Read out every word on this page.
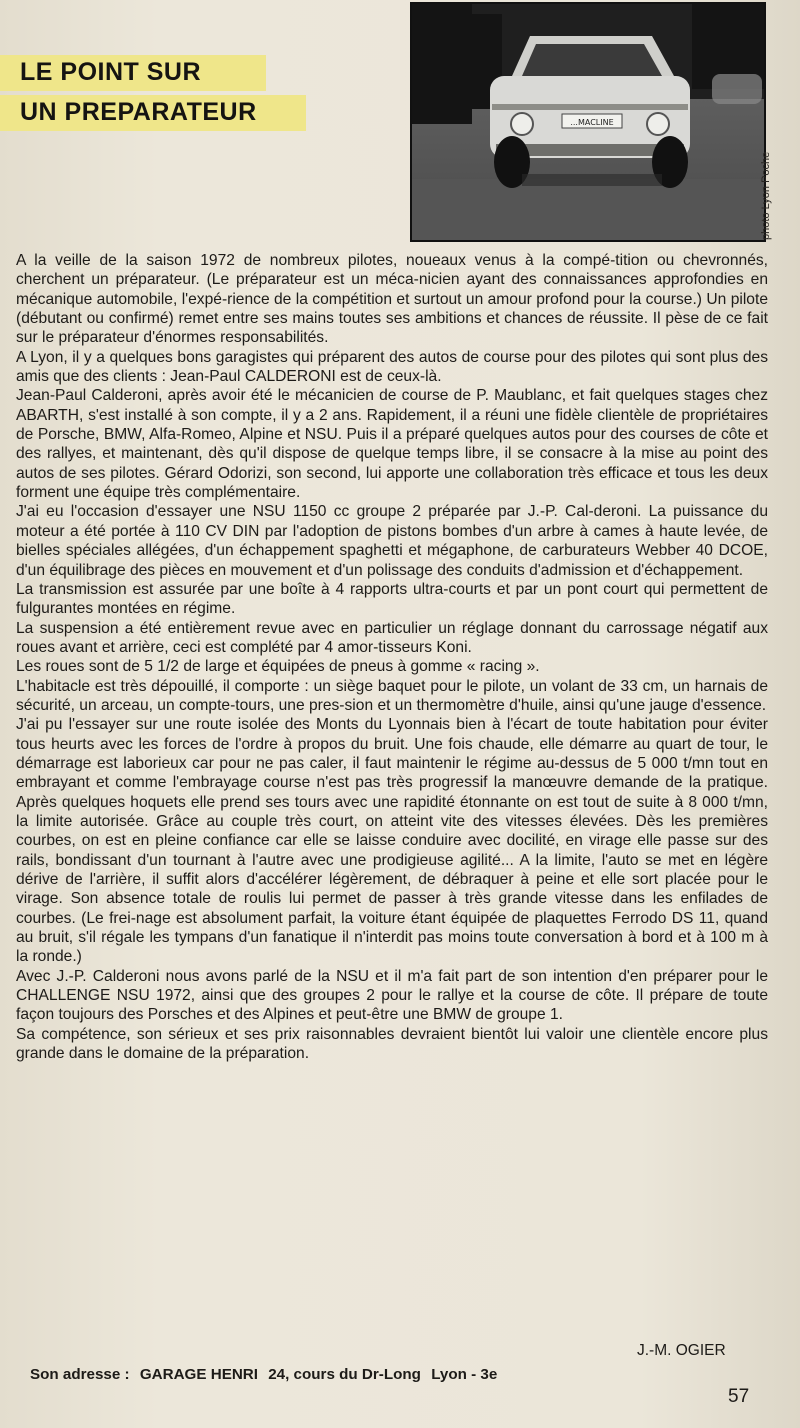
LE POINT SUR
UN PREPARATEUR	...MACLINE
photo Lyon Poche

A la veille de la saison 1972 de nombreux pilotes, noueaux venus à la compé-tition ou chevronnés, cherchent un préparateur. (Le préparateur est un méca-nicien ayant des connaissances approfondies en mécanique automobile, l'expé-rience de la compétition et surtout un amour profond pour la course.) Un pilote (débutant ou confirmé) remet entre ses mains toutes ses ambitions et chances de réussite. Il pèse de ce fait sur le préparateur d'énormes responsabilités.

A Lyon, il y a quelques bons garagistes qui préparent des autos de course pour des pilotes qui sont plus des amis que des clients : Jean-Paul CALDERONI est de ceux-là.

Jean-Paul Calderoni, après avoir été le mécanicien de course de P. Maublanc, et fait quelques stages chez ABARTH, s'est installé à son compte, il y a 2 ans. Rapidement, il a réuni une fidèle clientèle de propriétaires de Porsche, BMW, Alfa-Romeo, Alpine et NSU. Puis il a préparé quelques autos pour des courses de côte et des rallyes, et maintenant, dès qu'il dispose de quelque temps libre, il se consacre à la mise au point des autos de ses pilotes. Gérard Odorizi, son second, lui apporte une collaboration très efficace et tous les deux forment une équipe très complémentaire.

J'ai eu l'occasion d'essayer une NSU 1150 cc groupe 2 préparée par J.-P. Cal-deroni. La puissance du moteur a été portée à 110 CV DIN par l'adoption de pistons bombes d'un arbre à cames à haute levée, de bielles spéciales allégées, d'un échappement spaghetti et mégaphone, de carburateurs Webber 40 DCOE, d'un équilibrage des pièces en mouvement et d'un polissage des conduits d'admission et d'échappement.

La transmission est assurée par une boîte à 4 rapports ultra-courts et par un pont court qui permettent de fulgurantes montées en régime.

La suspension a été entièrement revue avec en particulier un réglage donnant du carrossage négatif aux roues avant et arrière, ceci est complété par 4 amor-tisseurs Koni.

Les roues sont de 5 1/2 de large et équipées de pneus à gomme « racing ».

L'habitacle est très dépouillé, il comporte : un siège baquet pour le pilote, un volant de 33 cm, un harnais de sécurité, un arceau, un compte-tours, une pres-sion et un thermomètre d'huile, ainsi qu'une jauge d'essence.

J'ai pu l'essayer sur une route isolée des Monts du Lyonnais bien à l'écart de toute habitation pour éviter tous heurts avec les forces de l'ordre à propos du bruit. Une fois chaude, elle démarre au quart de tour, le démarrage est laborieux car pour ne pas caler, il faut maintenir le régime au-dessus de 5 000 t/mn tout en embrayant et comme l'embrayage course n'est pas très progressif la manœuvre demande de la pratique. Après quelques hoquets elle prend ses tours avec une rapidité étonnante on est tout de suite à 8 000 t/mn, la limite autorisée. Grâce au couple très court, on atteint vite des vitesses élevées. Dès les premières courbes, on est en pleine confiance car elle se laisse conduire avec docilité, en virage elle passe sur des rails, bondissant d'un tournant à l'autre avec une prodigieuse agilité... A la limite, l'auto se met en légère dérive de l'arrière, il suffit alors d'accélérer légèrement, de débraquer à peine et elle sort placée pour le virage. Son absence totale de roulis lui permet de passer à très grande vitesse dans les enfilades de courbes. (Le frei-nage est absolument parfait, la voiture étant équipée de plaquettes Ferrodo DS 11, quand au bruit, s'il régale les tympans d'un fanatique il n'interdit pas moins toute conversation à bord et à 100 m à la ronde.)

Avec J.-P. Calderoni nous avons parlé de la NSU et il m'a fait part de son intention d'en préparer pour le CHALLENGE NSU 1972, ainsi que des groupes 2 pour le rallye et la course de côte. Il prépare de toute façon toujours des Porsches et des Alpines et peut-être une BMW de groupe 1.

Sa compétence, son sérieux et ses prix raisonnables devraient bientôt lui valoir une clientèle encore plus grande dans le domaine de la préparation.

J.-M. OGIER
Son adresse : GARAGE HENRI 24, cours du Dr-Long Lyon - 3e
57
